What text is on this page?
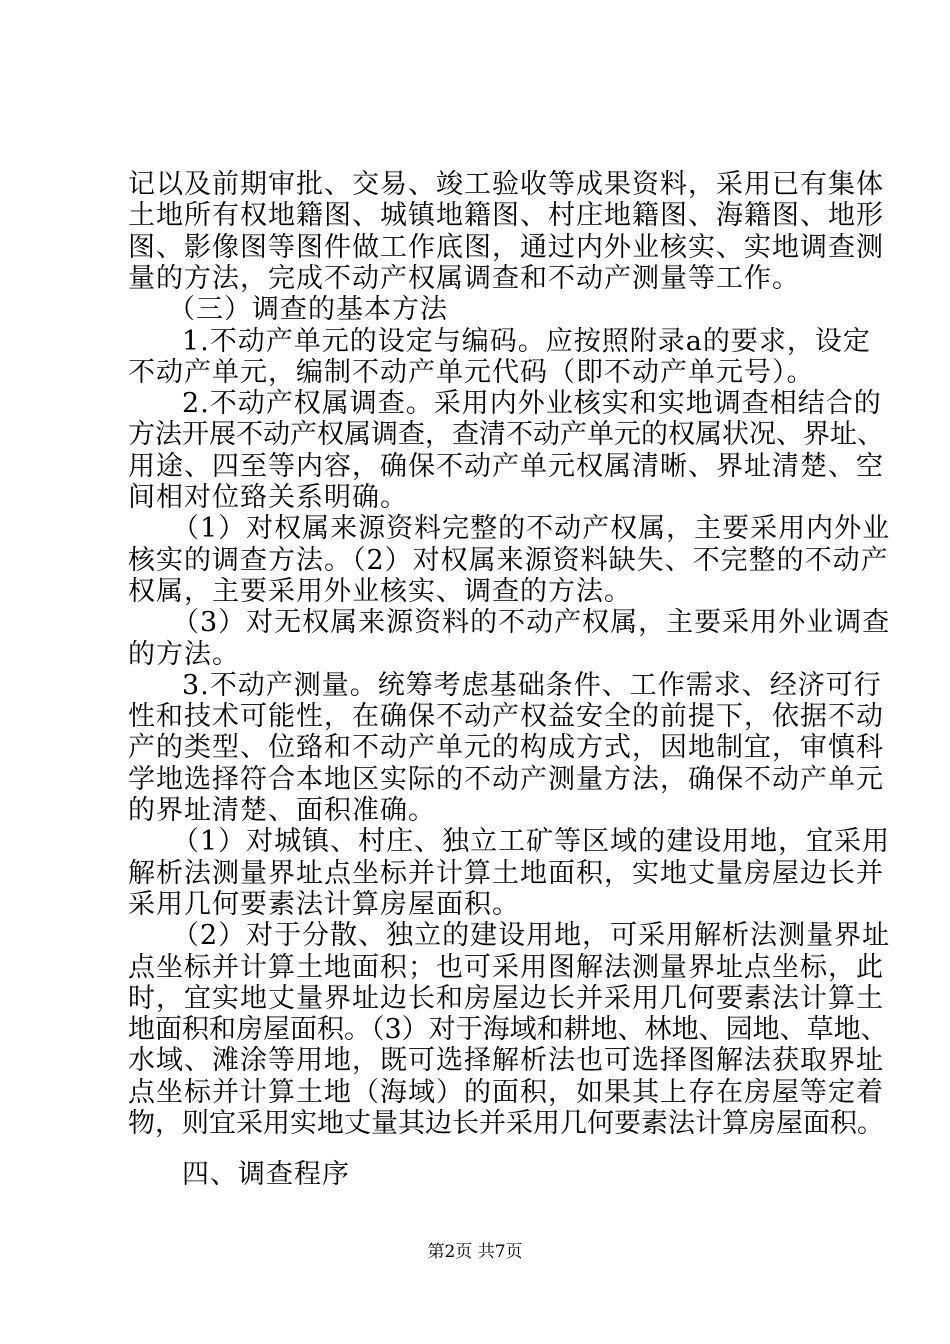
记以及前期审批、交易、竣工验收等成果资料，采用已有集体
土地所有权地籍图、城镇地籍图、村庄地籍图、海籍图、地形
图、影像图等图件做工作底图，通过内外业核实、实地调查测
量的方法，完成不动产权属调查和不动产测量等工作。
（三）调查的基本方法
1.不动产单元的设定与编码。应按照附录a的要求，设定
不动产单元，编制不动产单元代码（即不动产单元号）。
2.不动产权属调查。采用内外业核实和实地调查相结合的
方法开展不动产权属调查，查清不动产单元的权属状况、界址、
用途、四至等内容，确保不动产单元权属清晰、界址清楚、空
间相对位臵关系明确。
（1）对权属来源资料完整的不动产权属，主要采用内外业
核实的调查方法。（2）对权属来源资料缺失、不完整的不动产
权属，主要采用外业核实、调查的方法。
（3）对无权属来源资料的不动产权属，主要采用外业调查
的方法。
3.不动产测量。统筹考虑基础条件、工作需求、经济可行
性和技术可能性，在确保不动产权益安全的前提下，依据不动
产的类型、位臵和不动产单元的构成方式，因地制宜，审慎科
学地选择符合本地区实际的不动产测量方法，确保不动产单元
的界址清楚、面积准确。
（1）对城镇、村庄、独立工矿等区域的建设用地，宜采用
解析法测量界址点坐标并计算土地面积，实地丈量房屋边长并
采用几何要素法计算房屋面积。
（2）对于分散、独立的建设用地，可采用解析法测量界址
点坐标并计算土地面积；也可采用图解法测量界址点坐标，此
时，宜实地丈量界址边长和房屋边长并采用几何要素法计算土
地面积和房屋面积。（3）对于海域和耕地、林地、园地、草地、
水域、滩涂等用地，既可选择解析法也可选择图解法获取界址
点坐标并计算土地（海域）的面积，如果其上存在房屋等定着
物，则宜采用实地丈量其边长并采用几何要素法计算房屋面积。
四、调查程序
第2页 共7页
